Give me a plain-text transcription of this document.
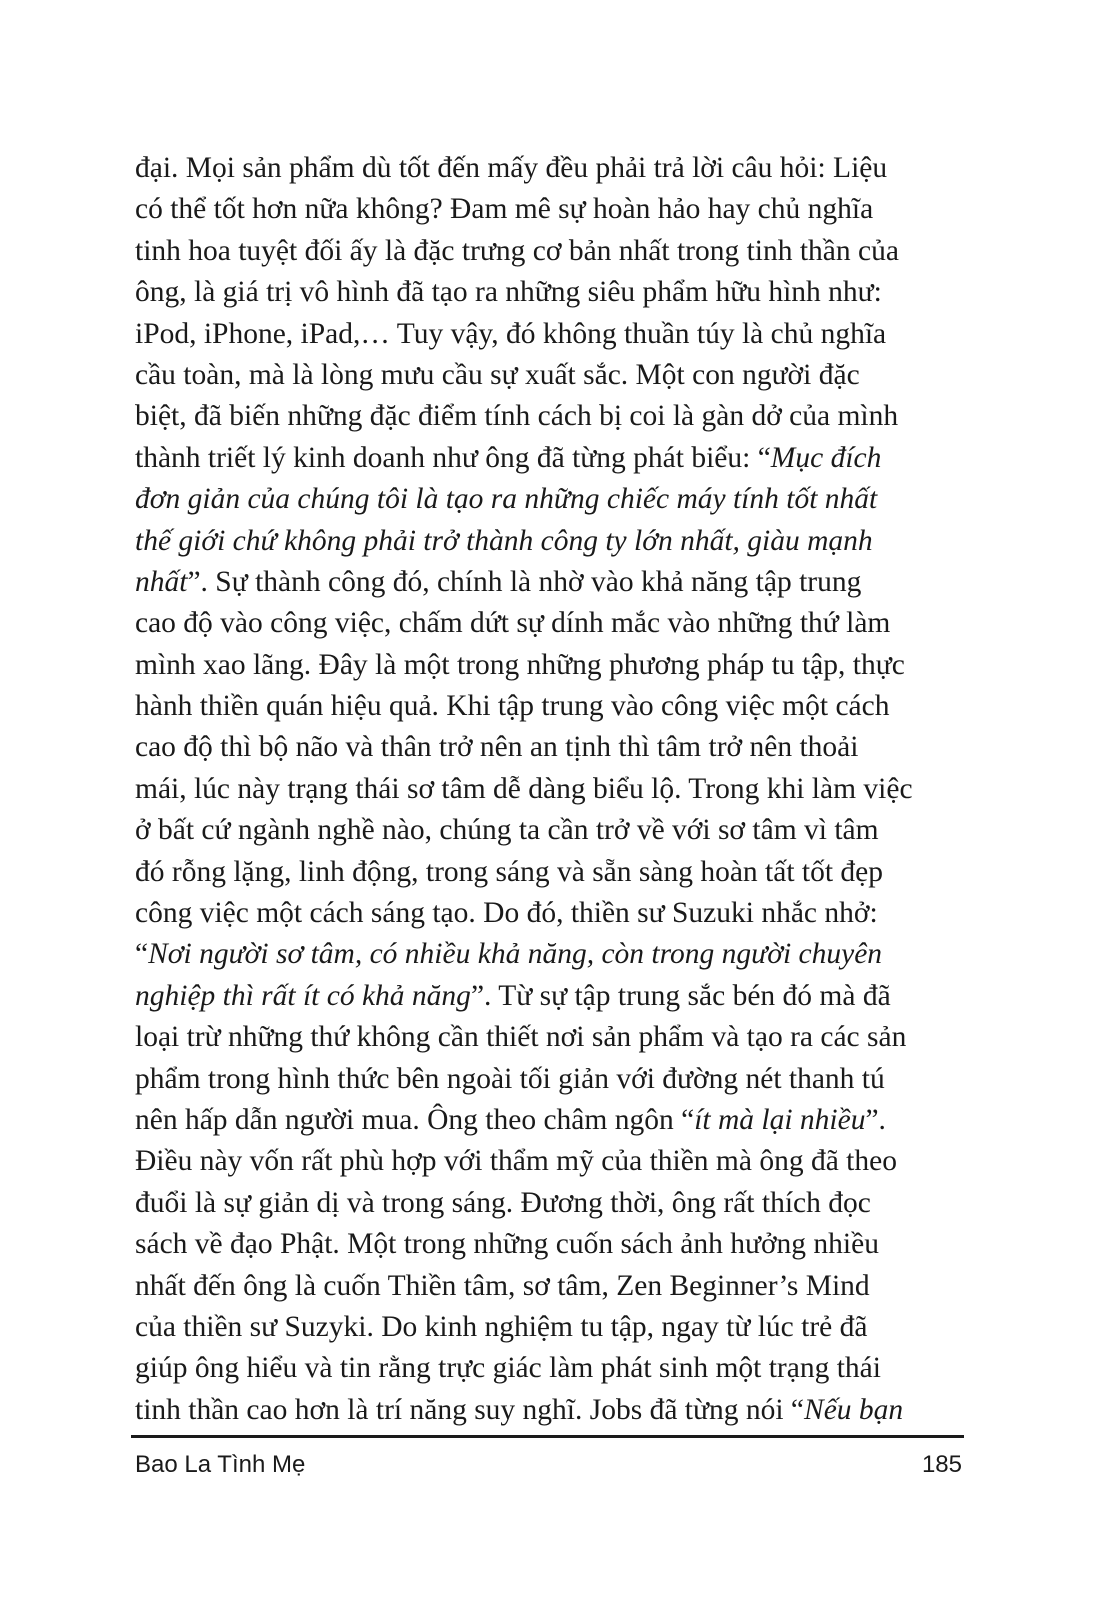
đại. Mọi sản phẩm dù tốt đến mấy đều phải trả lời câu hỏi: Liệu
có thể tốt hơn nữa không? Đam mê sự hoàn hảo hay chủ nghĩa
tinh hoa tuyệt đối ấy là đặc trưng cơ bản nhất trong tinh thần của
ông, là giá trị vô hình đã tạo ra những siêu phẩm hữu hình như:
iPod, iPhone, iPad,… Tuy vậy, đó không thuần túy là chủ nghĩa
cầu toàn, mà là lòng mưu cầu sự xuất sắc. Một con người đặc
biệt, đã biến những đặc điểm tính cách bị coi là gàn dở của mình
thành triết lý kinh doanh như ông đã từng phát biểu: “Mục đích
đơn giản của chúng tôi là tạo ra những chiếc máy tính tốt nhất
thế giới chứ không phải trở thành công ty lớn nhất, giàu mạnh
nhất”. Sự thành công đó, chính là nhờ vào khả năng tập trung
cao độ vào công việc, chấm dứt sự dính mắc vào những thứ làm
mình xao lãng. Đây là một trong những phương pháp tu tập, thực
hành thiền quán hiệu quả. Khi tập trung vào công việc một cách
cao độ thì bộ não và thân trở nên an tịnh thì tâm trở nên thoải
mái, lúc này trạng thái sơ tâm dễ dàng biểu lộ. Trong khi làm việc
ở bất cứ ngành nghề nào, chúng ta cần trở về với sơ tâm vì tâm
đó rỗng lặng, linh động, trong sáng và sẵn sàng hoàn tất tốt đẹp
công việc một cách sáng tạo. Do đó, thiền sư Suzuki nhắc nhở:
“Nơi người sơ tâm, có nhiều khả năng, còn trong người chuyên
nghiệp thì rất ít có khả năng”. Từ sự tập trung sắc bén đó mà đã
loại trừ những thứ không cần thiết nơi sản phẩm và tạo ra các sản
phẩm trong hình thức bên ngoài tối giản với đường nét thanh tú
nên hấp dẫn người mua. Ông theo châm ngôn “ít mà lại nhiều”.
Điều này vốn rất phù hợp với thẩm mỹ của thiền mà ông đã theo
đuổi là sự giản dị và trong sáng. Đương thời, ông rất thích đọc
sách về đạo Phật. Một trong những cuốn sách ảnh hưởng nhiều
nhất đến ông là cuốn Thiền tâm, sơ tâm, Zen Beginner’s Mind
của thiền sư Suzyki. Do kinh nghiệm tu tập, ngay từ lúc trẻ đã
giúp ông hiểu và tin rằng trực giác làm phát sinh một trạng thái
tinh thần cao hơn là trí năng suy nghĩ. Jobs đã từng nói “Nếu bạn
Bao La Tình Mẹ	185
